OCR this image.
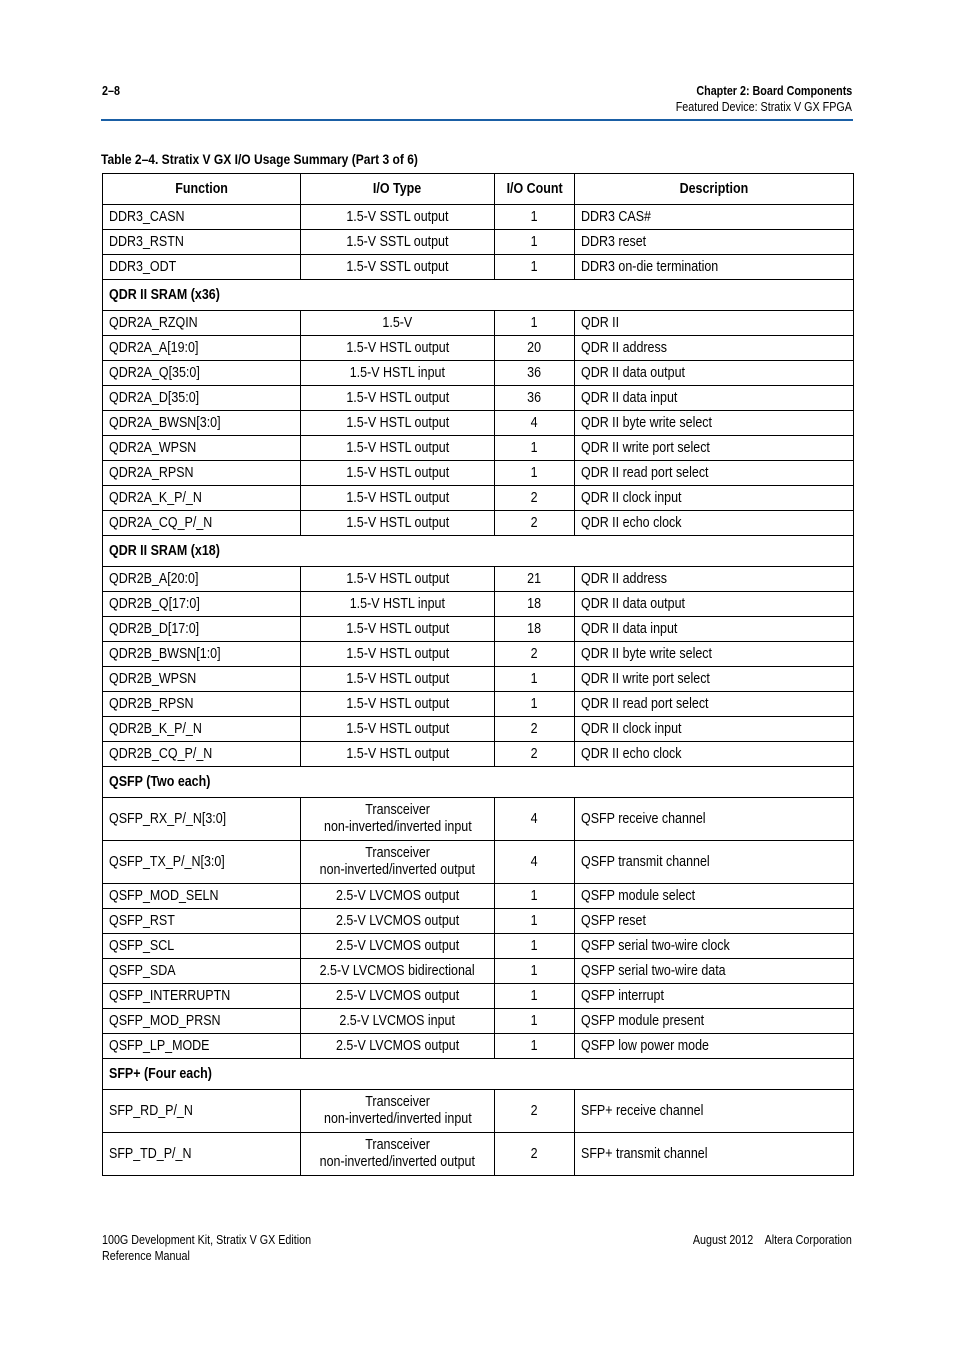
2–8	Chapter 2: Board Components
Featured Device: Stratix V GX FPGA
Table 2–4. Stratix V GX I/O Usage Summary (Part 3 of 6)
Function	I/O Type	I/O Count	Description
DDR3_CASN	1.5-V SSTL output	1	DDR3 CAS#
DDR3_RSTN	1.5-V SSTL output	1	DDR3 reset
DDR3_ODT	1.5-V SSTL output	1	DDR3 on-die termination
QDR II SRAM (x36)			
QDR2A_RZQIN	1.5-V	1	QDR II
QDR2A_A[19:0]	1.5-V HSTL output	20	QDR II address
QDR2A_Q[35:0]	1.5-V HSTL input	36	QDR II data output
QDR2A_D[35:0]	1.5-V HSTL output	36	QDR II data input
QDR2A_BWSN[3:0]	1.5-V HSTL output	4	QDR II byte write select
QDR2A_WPSN	1.5-V HSTL output	1	QDR II write port select
QDR2A_RPSN	1.5-V HSTL output	1	QDR II read port select
QDR2A_K_P/_N	1.5-V HSTL output	2	QDR II clock input
QDR2A_CQ_P/_N	1.5-V HSTL output	2	QDR II echo clock
QDR II SRAM (x18)			
QDR2B_A[20:0]	1.5-V HSTL output	21	QDR II address
QDR2B_Q[17:0]	1.5-V HSTL input	18	QDR II data output
QDR2B_D[17:0]	1.5-V HSTL output	18	QDR II data input
QDR2B_BWSN[1:0]	1.5-V HSTL output	2	QDR II byte write select
QDR2B_WPSN	1.5-V HSTL output	1	QDR II write port select
QDR2B_RPSN	1.5-V HSTL output	1	QDR II read port select
QDR2B_K_P/_N	1.5-V HSTL output	2	QDR II clock input
QDR2B_CQ_P/_N	1.5-V HSTL output	2	QDR II echo clock
QSFP (Two each)			
QSFP_RX_P/_N[3:0]	Transceiver
non-inverted/inverted input	4	QSFP receive channel
QSFP_TX_P/_N[3:0]	Transceiver
non-inverted/inverted output	4	QSFP transmit channel
QSFP_MOD_SELN	2.5-V LVCMOS output	1	QSFP module select
QSFP_RST	2.5-V LVCMOS output	1	QSFP reset
QSFP_SCL	2.5-V LVCMOS output	1	QSFP serial two-wire clock
QSFP_SDA	2.5-V LVCMOS bidirectional	1	QSFP serial two-wire data
QSFP_INTERRUPTN	2.5-V LVCMOS output	1	QSFP interrupt
QSFP_MOD_PRSN	2.5-V LVCMOS input	1	QSFP module present
QSFP_LP_MODE	2.5-V LVCMOS output	1	QSFP low power mode
SFP+ (Four each)			
SFP_RD_P/_N	Transceiver
non-inverted/inverted input	2	SFP+ receive channel
SFP_TD_P/_N	Transceiver
non-inverted/inverted output	2	SFP+ transmit channel
100G Development Kit, Stratix V GX Edition
Reference Manual
August 2012    Altera Corporation
